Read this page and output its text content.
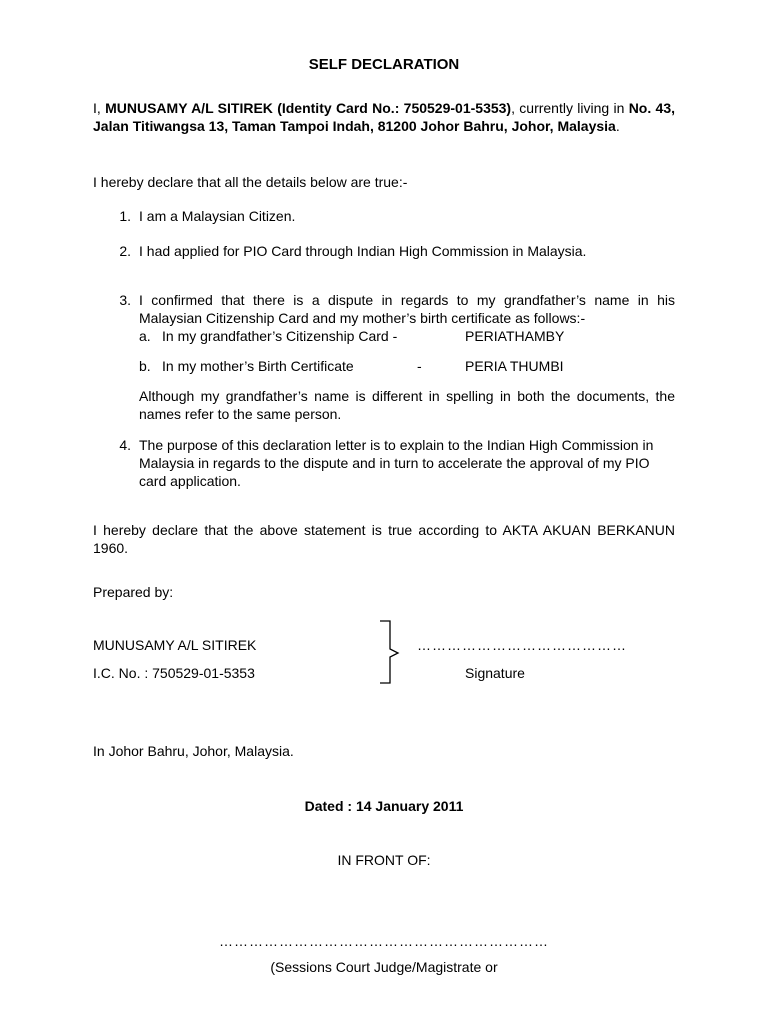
SELF DECLARATION
I, MUNUSAMY A/L SITIREK (Identity Card No.: 750529-01-5353), currently living in No. 43, Jalan Titiwangsa 13, Taman Tampoi Indah, 81200 Johor Bahru, Johor, Malaysia.
I hereby declare that all the details below are true:-
1. I am a Malaysian Citizen.
2. I had applied for PIO Card through Indian High Commission in Malaysia.
3. I confirmed that there is a dispute in regards to my grandfather’s name in his Malaysian Citizenship Card and my mother’s birth certificate as follows:-
a. In my grandfather’s Citizenship Card -	PERIATHAMBY
b. In my mother’s Birth Certificate	-	PERIA THUMBI
Although my grandfather’s name is different in spelling in both the documents, the names refer to the same person.
4. The purpose of this declaration letter is to explain to the Indian High Commission in Malaysia in regards to the dispute and in turn to accelerate the approval of my PIO card application.
I hereby declare that the above statement is true according to AKTA AKUAN BERKANUN 1960.
Prepared by:
MUNUSAMY A/L SITIREK
I.C. No. : 750529-01-5353
……………………………………
Signature
In Johor Bahru, Johor, Malaysia.
Dated : 14 January 2011
IN FRONT OF:
…………………………………………………………
(Sessions Court Judge/Magistrate or
